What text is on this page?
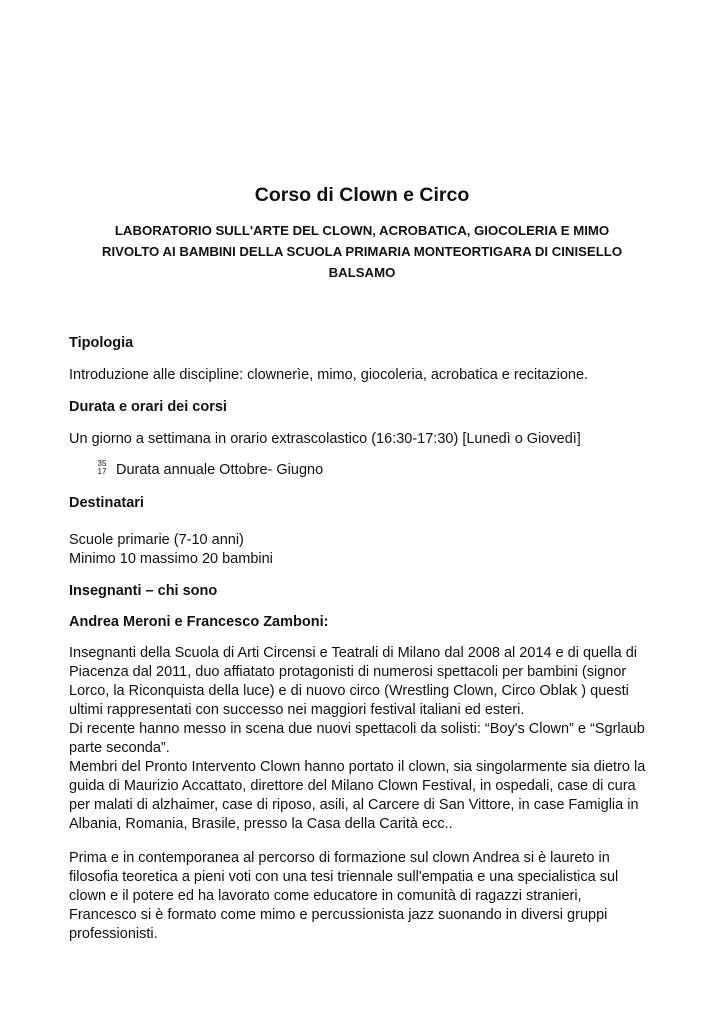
Corso di Clown e Circo
LABORATORIO SULL'ARTE DEL CLOWN, ACROBATICA, GIOCOLERIA E MIMO
RIVOLTO AI BAMBINI DELLA SCUOLA PRIMARIA MONTEORTIGARA DI CINISELLO
BALSAMO
Tipologia
Introduzione alle discipline: clownerìe, mimo, giocoleria, acrobatica e recitazione.
Durata e orari dei corsi
Un giorno a settimana in orario extrascolastico (16:30-17:30) [Lunedì o Giovedì]
35
17 Durata annuale Ottobre- Giugno
Destinatari
Scuole primarie (7-10 anni)
Minimo 10 massimo 20 bambini
Insegnanti – chi sono
Andrea Meroni e Francesco Zamboni:
Insegnanti della Scuola di Arti Circensi e Teatrali di Milano dal 2008 al 2014 e di quella di
Piacenza dal 2011, duo affiatato protagonisti di numerosi spettacoli per bambini (signor
Lorco, la Riconquista della luce) e di nuovo circo (Wrestling Clown, Circo Oblak ) questi
ultimi rappresentati con successo nei maggiori festival italiani ed esteri.
Di recente hanno messo in scena due nuovi spettacoli da solisti: “Boy's Clown” e “Sgrlaub
parte seconda”.
Membri del Pronto Intervento Clown hanno portato il clown, sia singolarmente sia dietro la
guida di Maurizio Accattato, direttore del Milano Clown Festival, in ospedali, case di cura
per malati di alzhaimer, case di riposo, asili, al Carcere di San Vittore, in case Famiglia in
Albania, Romania, Brasile, presso la Casa della Carità ecc..
Prima e in contemporanea al percorso di formazione sul clown Andrea si è laureto in
filosofia teoretica a pieni voti con una tesi triennale sull'empatia e una specialistica sul
clown e il potere ed ha lavorato come educatore in comunità di ragazzi stranieri,
Francesco si è formato come mimo e percussionista jazz suonando in diversi gruppi
professionisti.
